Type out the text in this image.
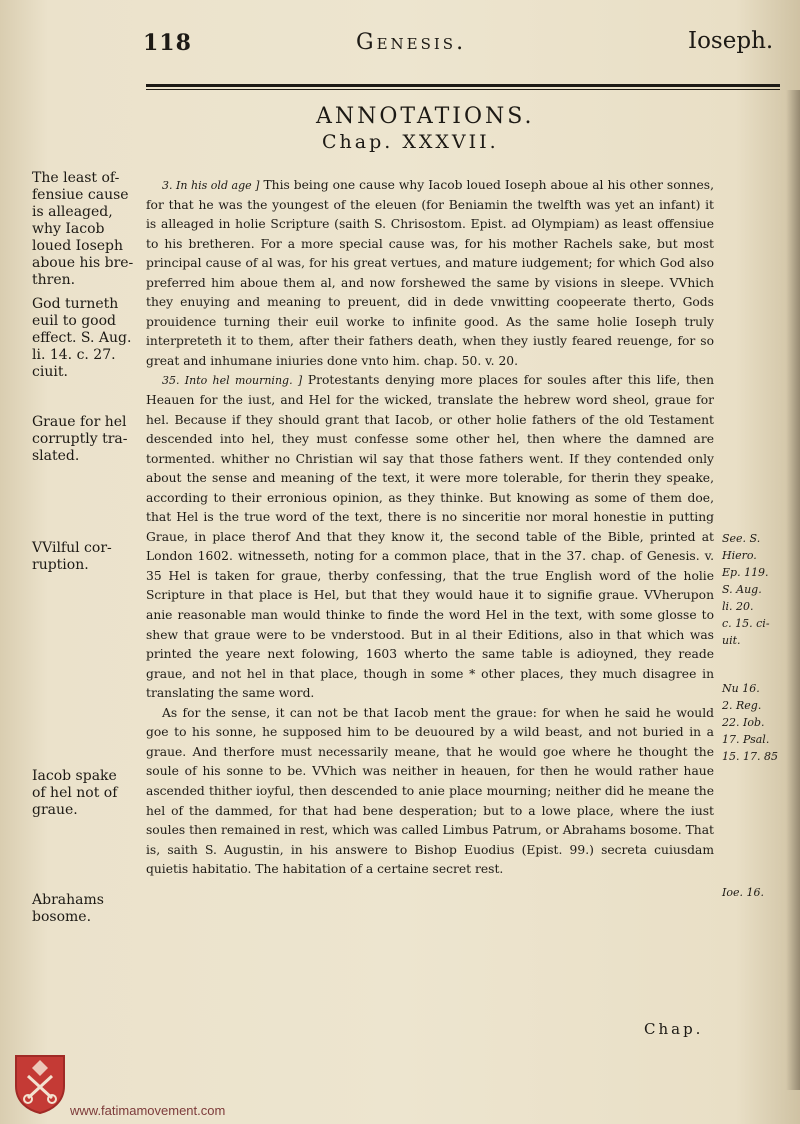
118	Genesis.	Ioseph.
ANNOTATIONS.
Chap. XXXVII.
The least of-
fensiue cause
is alleaged,
why Iacob
loued Ioseph
aboue his bre-
thren.
God turneth
euil to good
effect. S. Aug.
li. 14. c. 27.
ciuit.
Graue for hel
corruptly tra-
slated.
VVilful cor-
ruption.
Iacob spake
of hel not of
graue.
Abrahams
bosome.
See. S.
Hiero.
Ep. 119.
S. Aug.
li. 20.
c. 15. ci-
uit.
Nu 16.
2. Reg.
22. Iob.
17. Psal.
15. 17. 85
Ioe. 16.

3. In his old age ] This being one cause why Iacob loued Ioseph aboue al his other sonnes, for that he was the youngest of the eleuen (for Beniamin the twelfth was yet an infant) it is alleaged in holie Scripture (saith S. Chrisostom. Epist. ad Olympiam) as least offensiue to his bretheren. For a more special cause was, for his mother Rachels sake, but most principal cause of al was, for his great vertues, and mature iudgement; for which God also preferred him aboue them al, and now forshewed the same by visions in sleepe. VVhich they enuying and meaning to preuent, did in dede vnwitting coopeerate therto, Gods prouidence turning their euil worke to infinite good. As the same holie Ioseph truly interpreteth it to them, after their fathers death, when they iustly feared reuenge, for so great and inhumane iniuries done vnto him. chap. 50. v. 20.

35. Into hel mourning. ] Protestants denying more places for soules after this life, then Heauen for the iust, and Hel for the wicked, translate the hebrew word sheol, graue for hel. Because if they should grant that Iacob, or other holie fathers of the old Testament descended into hel, they must confesse some other hel, then where the damned are tormented. whither no Christian wil say that those fathers went. If they contended only about the sense and meaning of the text, it were more tolerable, for therin they speake, according to their erronious opinion, as they thinke. But knowing as some of them doe, that Hel is the true word of the text, there is no sinceritie nor moral honestie in putting Graue, in place therof And that they know it, the second table of the Bible, printed at London 1602. witnesseth, noting for a common place, that in the 37. chap. of Genesis. v. 35 Hel is taken for graue, therby confessing, that the true English word of the holie Scripture in that place is Hel, but that they would haue it to signifie graue. VVherupon anie reasonable man would thinke to finde the word Hel in the text, with some glosse to shew that graue were to be vnderstood. But in al their Editions, also in that which was printed the yeare next folowing, 1603 wherto the same table is adioyned, they reade graue, and not hel in that place, though in some * other places, they much disagree in translating the same word.

As for the sense, it can not be that Iacob ment the graue: for when he said he would goe to his sonne, he supposed him to be deuoured by a wild beast, and not buried in a graue. And therfore must necessarily meane, that he would goe where he thought the soule of his sonne to be. VVhich was neither in heauen, for then he would rather haue ascended thither ioyful, then descended to anie place mourning; neither did he meane the hel of the dammed, for that had bene desperation; but to a lowe place, where the iust soules then remained in rest, which was called Limbus Patrum, or Abrahams bosome. That is, saith S. Augustin, in his answere to Bishop Euodius (Epist. 99.) secreta cuiusdam quietis habitatio. The habitation of a certaine secret rest.

Chap.
www.fatimamovement.com
